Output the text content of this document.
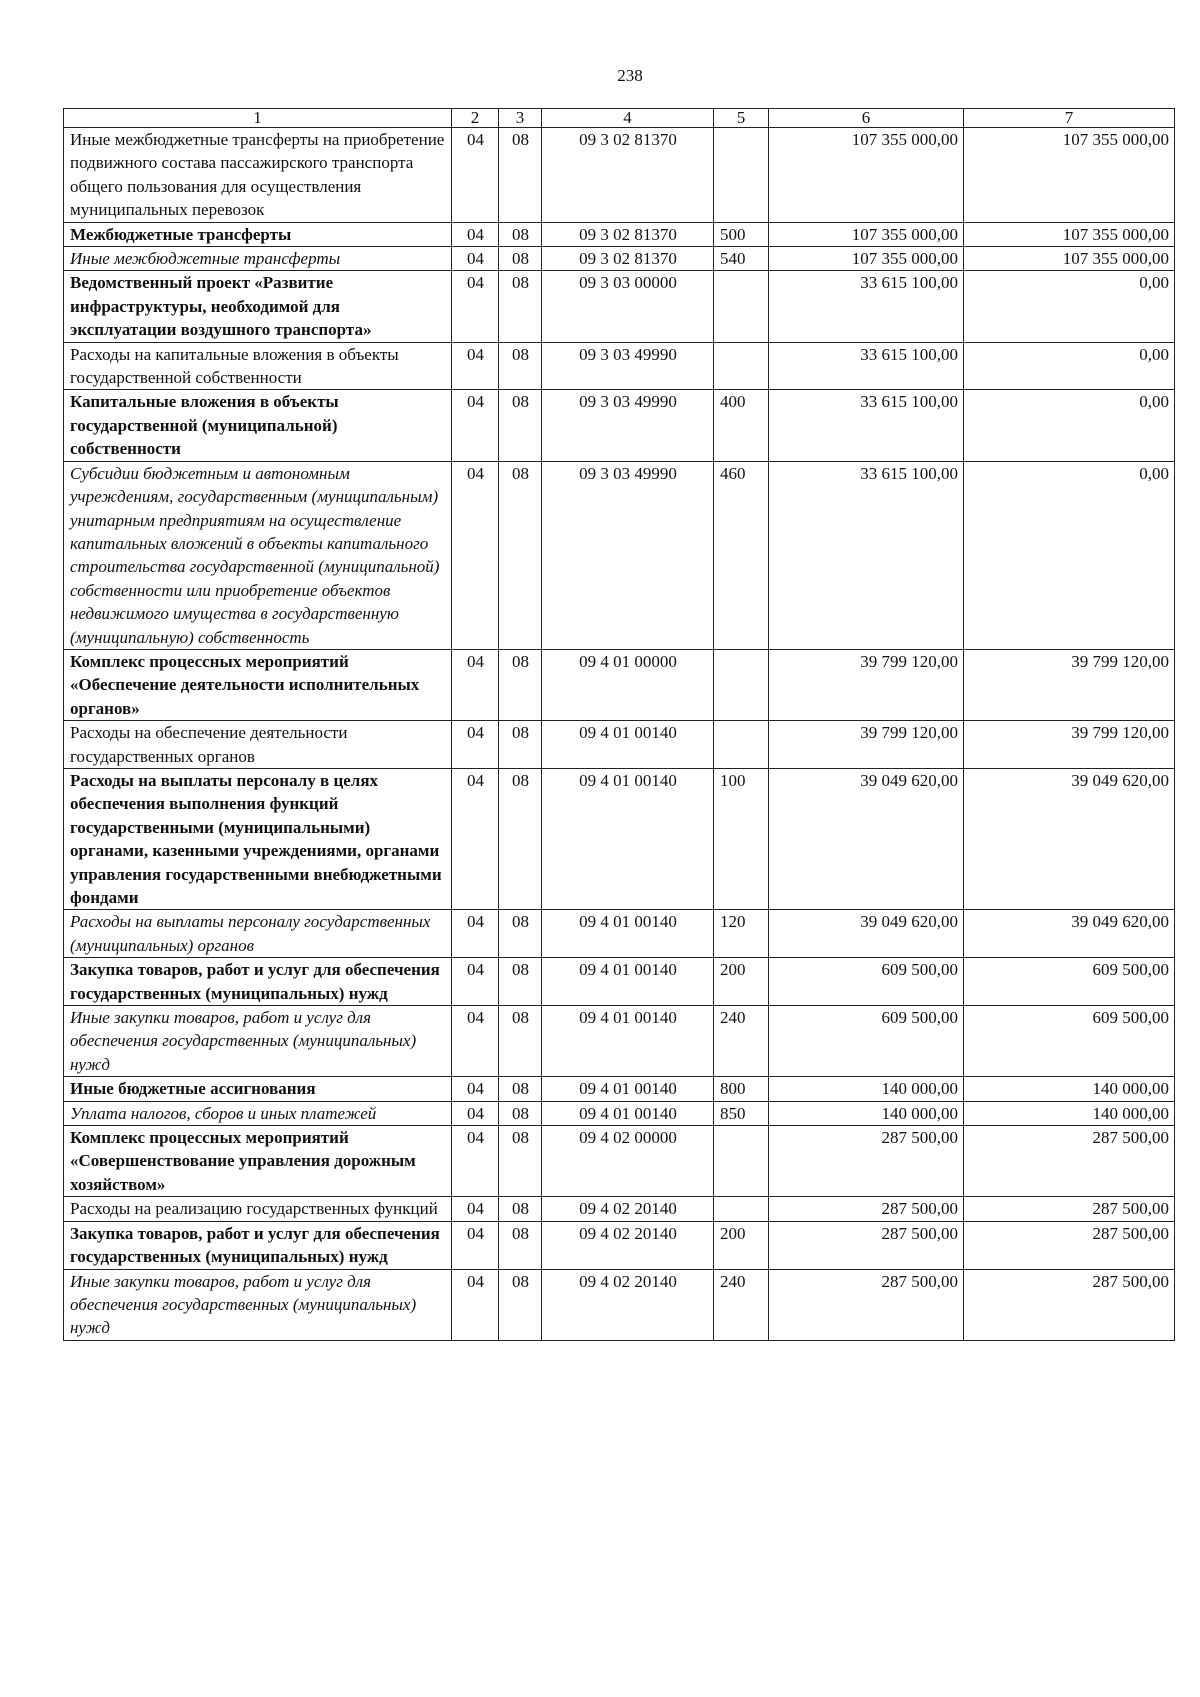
238
1	2	3	4	5	6	7
Иные межбюджетные трансферты на приобретение подвижного состава пассажирского транспорта общего пользования для осуществления муниципальных перевозок	04	08	09 3 02 81370		107 355 000,00	107 355 000,00
Межбюджетные трансферты	04	08	09 3 02 81370	500	107 355 000,00	107 355 000,00
Иные межбюджетные трансферты	04	08	09 3 02 81370	540	107 355 000,00	107 355 000,00
Ведомственный проект «Развитие инфраструктуры, необходимой для эксплуатации воздушного транспорта»	04	08	09 3 03 00000		33 615 100,00	0,00
Расходы на капитальные вложения в объекты государственной собственности	04	08	09 3 03 49990		33 615 100,00	0,00
Капитальные вложения в объекты государственной (муниципальной) собственности	04	08	09 3 03 49990	400	33 615 100,00	0,00
Субсидии бюджетным и автономным учреждениям, государственным (муниципальным) унитарным предприятиям на осуществление капитальных вложений в объекты капитального строительства государственной (муниципальной) собственности или приобретение объектов недвижимого имущества в государственную (муниципальную) собственность	04	08	09 3 03 49990	460	33 615 100,00	0,00
Комплекс процессных мероприятий «Обеспечение деятельности исполнительных органов»	04	08	09 4 01 00000		39 799 120,00	39 799 120,00
Расходы на обеспечение деятельности государственных органов	04	08	09 4 01 00140		39 799 120,00	39 799 120,00
Расходы на выплаты персоналу в целях обеспечения выполнения функций государственными (муниципальными) органами, казенными учреждениями, органами управления государственными внебюджетными фондами	04	08	09 4 01 00140	100	39 049 620,00	39 049 620,00
Расходы на выплаты персоналу государственных (муниципальных) органов	04	08	09 4 01 00140	120	39 049 620,00	39 049 620,00
Закупка товаров, работ и услуг для обеспечения государственных (муниципальных) нужд	04	08	09 4 01 00140	200	609 500,00	609 500,00
Иные закупки товаров, работ и услуг для обеспечения государственных (муниципальных) нужд	04	08	09 4 01 00140	240	609 500,00	609 500,00
Иные бюджетные ассигнования	04	08	09 4 01 00140	800	140 000,00	140 000,00
Уплата налогов, сборов и иных платежей	04	08	09 4 01 00140	850	140 000,00	140 000,00
Комплекс процессных мероприятий «Совершенствование управления дорожным хозяйством»	04	08	09 4 02 00000		287 500,00	287 500,00
Расходы на реализацию государственных функций	04	08	09 4 02 20140		287 500,00	287 500,00
Закупка товаров, работ и услуг для обеспечения государственных (муниципальных) нужд	04	08	09 4 02 20140	200	287 500,00	287 500,00
Иные закупки товаров, работ и услуг для обеспечения государственных (муниципальных) нужд	04	08	09 4 02 20140	240	287 500,00	287 500,00
